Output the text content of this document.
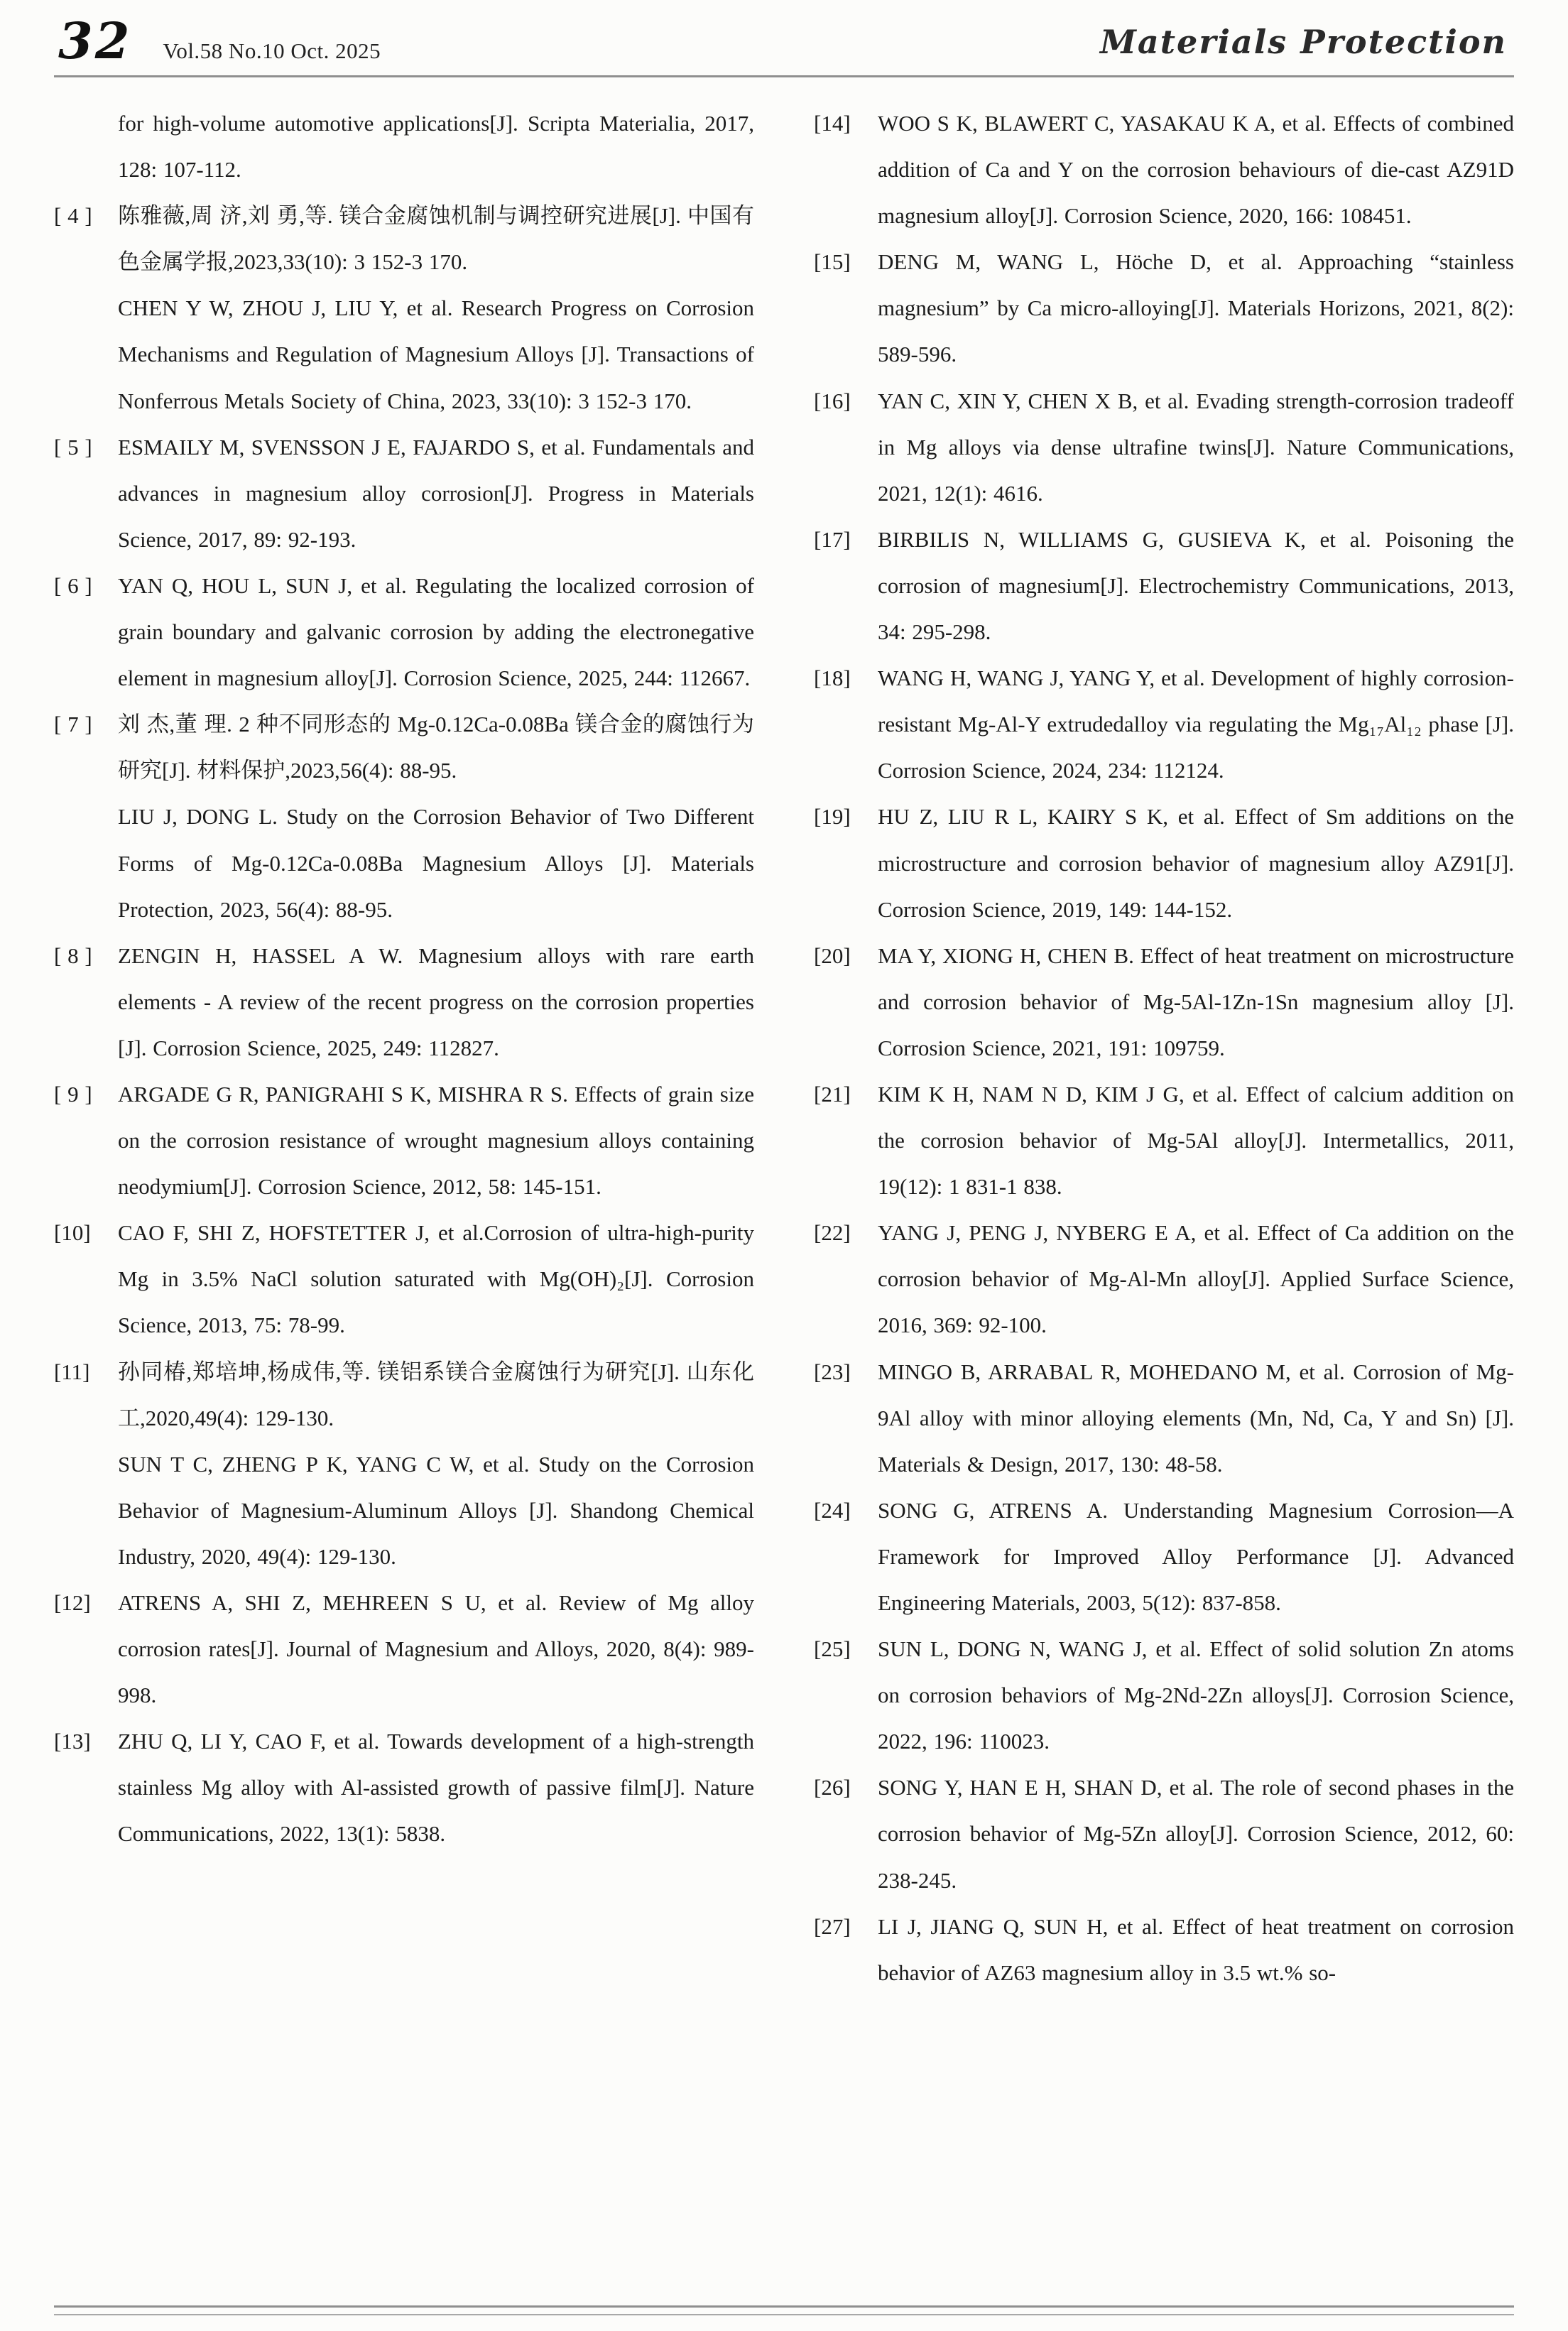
32 Vol.58 No.10 Oct. 2025	Materials Protection
for high-volume automotive applications[J]. Scripta Materialia, 2017, 128: 107-112.
[ 4 ] 陈雅薇,周 济,刘 勇,等. 镁合金腐蚀机制与调控研究进展[J]. 中国有色金属学报,2023,33(10): 3 152-3 170.
CHEN Y W, ZHOU J, LIU Y, et al. Research Progress on Corrosion Mechanisms and Regulation of Magnesium Alloys [J]. Transactions of Nonferrous Metals Society of China, 2023, 33(10): 3 152-3 170.
[ 5 ] ESMAILY M, SVENSSON J E, FAJARDO S, et al. Fundamentals and advances in magnesium alloy corrosion[J]. Progress in Materials Science, 2017, 89: 92-193.
[ 6 ] YAN Q, HOU L, SUN J, et al. Regulating the localized corrosion of grain boundary and galvanic corrosion by adding the electronegative element in magnesium alloy[J]. Corrosion Science, 2025, 244: 112667.
[ 7 ] 刘 杰,董 理. 2 种不同形态的 Mg-0.12Ca-0.08Ba 镁合金的腐蚀行为研究[J]. 材料保护,2023,56(4): 88-95.
LIU J, DONG L. Study on the Corrosion Behavior of Two Different Forms of Mg-0.12Ca-0.08Ba Magnesium Alloys [J]. Materials Protection, 2023, 56(4): 88-95.
[ 8 ] ZENGIN H, HASSEL A W. Magnesium alloys with rare earth elements - A review of the recent progress on the corrosion properties [J]. Corrosion Science, 2025, 249: 112827.
[ 9 ] ARGADE G R, PANIGRAHI S K, MISHRA R S. Effects of grain size on the corrosion resistance of wrought magnesium alloys containing neodymium[J]. Corrosion Science, 2012, 58: 145-151.
[10] CAO F, SHI Z, HOFSTETTER J, et al.Corrosion of ultra-high-purity Mg in 3.5% NaCl solution saturated with Mg(OH)₂[J]. Corrosion Science, 2013, 75: 78-99.
[11] 孙同椿,郑培坤,杨成伟,等. 镁铝系镁合金腐蚀行为研究[J]. 山东化工,2020,49(4): 129-130.
SUN T C, ZHENG P K, YANG C W, et al. Study on the Corrosion Behavior of Magnesium-Aluminum Alloys [J]. Shandong Chemical Industry, 2020, 49(4): 129-130.
[12] ATRENS A, SHI Z, MEHREEN S U, et al. Review of Mg alloy corrosion rates[J]. Journal of Magnesium and Alloys, 2020, 8(4): 989-998.
[13] ZHU Q, LI Y, CAO F, et al. Towards development of a high-strength stainless Mg alloy with Al-assisted growth of passive film[J]. Nature Communications, 2022, 13(1): 5838.
[14] WOO S K, BLAWERT C, YASAKAU K A, et al. Effects of combined addition of Ca and Y on the corrosion behaviours of die-cast AZ91D magnesium alloy[J]. Corrosion Science, 2020, 166: 108451.
[15] DENG M, WANG L, Höche D, et al. Approaching “stainless magnesium” by Ca micro-alloying[J]. Materials Horizons, 2021, 8(2): 589-596.
[16] YAN C, XIN Y, CHEN X B, et al. Evading strength-corrosion tradeoff in Mg alloys via dense ultrafine twins[J]. Nature Communications, 2021, 12(1): 4616.
[17] BIRBILIS N, WILLIAMS G, GUSIEVA K, et al. Poisoning the corrosion of magnesium[J]. Electrochemistry Communications, 2013, 34: 295-298.
[18] WANG H, WANG J, YANG Y, et al. Development of highly corrosion-resistant Mg-Al-Y extrudedalloy via regulating the Mg₁₇Al₁₂ phase [J]. Corrosion Science, 2024, 234: 112124.
[19] HU Z, LIU R L, KAIRY S K, et al. Effect of Sm additions on the microstructure and corrosion behavior of magnesium alloy AZ91[J]. Corrosion Science, 2019, 149: 144-152.
[20] MA Y, XIONG H, CHEN B. Effect of heat treatment on microstructure and corrosion behavior of Mg-5Al-1Zn-1Sn magnesium alloy [J]. Corrosion Science, 2021, 191: 109759.
[21] KIM K H, NAM N D, KIM J G, et al. Effect of calcium addition on the corrosion behavior of Mg-5Al alloy[J]. Intermetallics, 2011, 19(12): 1 831-1 838.
[22] YANG J, PENG J, NYBERG E A, et al. Effect of Ca addition on the corrosion behavior of Mg-Al-Mn alloy[J]. Applied Surface Science, 2016, 369: 92-100.
[23] MINGO B, ARRABAL R, MOHEDANO M, et al. Corrosion of Mg-9Al alloy with minor alloying elements (Mn, Nd, Ca, Y and Sn) [J]. Materials & Design, 2017, 130: 48-58.
[24] SONG G, ATRENS A. Understanding Magnesium Corrosion—A Framework for Improved Alloy Performance [J]. Advanced Engineering Materials, 2003, 5(12): 837-858.
[25] SUN L, DONG N, WANG J, et al. Effect of solid solution Zn atoms on corrosion behaviors of Mg-2Nd-2Zn alloys[J]. Corrosion Science, 2022, 196: 110023.
[26] SONG Y, HAN E H, SHAN D, et al. The role of second phases in the corrosion behavior of Mg-5Zn alloy[J]. Corrosion Science, 2012, 60: 238-245.
[27] LI J, JIANG Q, SUN H, et al. Effect of heat treatment on corrosion behavior of AZ63 magnesium alloy in 3.5 wt.% so-
